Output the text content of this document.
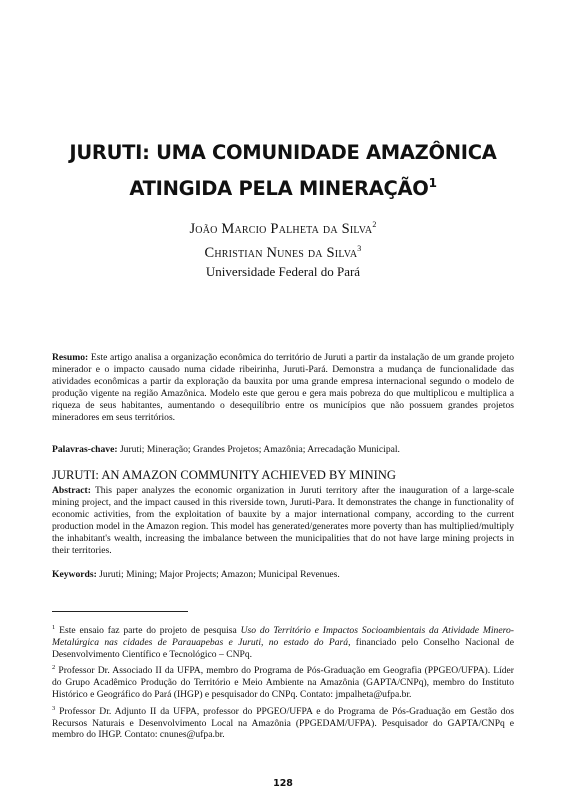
JURUTI: UMA COMUNIDADE AMAZÔNICA
ATINGIDA PELA MINERAÇÃO$^1$
João Marcio Palheta da Silva$^2$
Christian Nunes da Silva$^3$
Universidade Federal do Pará
Resumo: Este artigo analisa a organização econômica do território de Juruti a partir da instalação de um grande projeto minerador e o impacto causado numa cidade ribeirinha, Juruti-Pará. Demonstra a mudança de funcionalidade das atividades econômicas a partir da exploração da bauxita por uma grande empresa internacional segundo o modelo de produção vigente na região Amazônica. Modelo este que gerou e gera mais pobreza do que multiplicou e multiplica a riqueza de seus habitantes, aumentando o desequilíbrio entre os municípios que não possuem grandes projetos mineradores em seus territórios.
Palavras-chave: Juruti; Mineração; Grandes Projetos; Amazônia; Arrecadação Municipal.
JURUTI: AN AMAZON COMMUNITY ACHIEVED BY MINING
Abstract: This paper analyzes the economic organization in Juruti territory after the inauguration of a large-scale mining project, and the impact caused in this riverside town, Juruti-Para. It demonstrates the change in functionality of economic activities, from the exploitation of bauxite by a major international company, according to the current production model in the Amazon region. This model has generated/generates more poverty than has multiplied/multiply the inhabitant's wealth, increasing the imbalance between the municipalities that do not have large mining projects in their territories.
Keywords: Juruti; Mining; Major Projects; Amazon; Municipal Revenues.

$^1$ Este ensaio faz parte do projeto de pesquisa Uso do Território e Impactos Socioambientais da Atividade Minero-Metalúrgica nas cidades de Parauapebas e Juruti, no estado do Pará, financiado pelo Conselho Nacional de Desenvolvimento Científico e Tecnológico – CNPq.

$^2$ Professor Dr. Associado II da UFPA, membro do Programa de Pós-Graduação em Geografia (PPGEO/UFPA). Líder do Grupo Acadêmico Produção do Território e Meio Ambiente na Amazônia (GAPTA/CNPq), membro do Instituto Histórico e Geográfico do Pará (IHGP) e pesquisador do CNPq. Contato: jmpalheta@ufpa.br.

$^3$ Professor Dr. Adjunto II da UFPA, professor do PPGEO/UFPA e do Programa de Pós-Graduação em Gestão dos Recursos Naturais e Desenvolvimento Local na Amazônia (PPGEDAM/UFPA). Pesquisador do GAPTA/CNPq e membro do IHGP. Contato: cnunes@ufpa.br.

128
